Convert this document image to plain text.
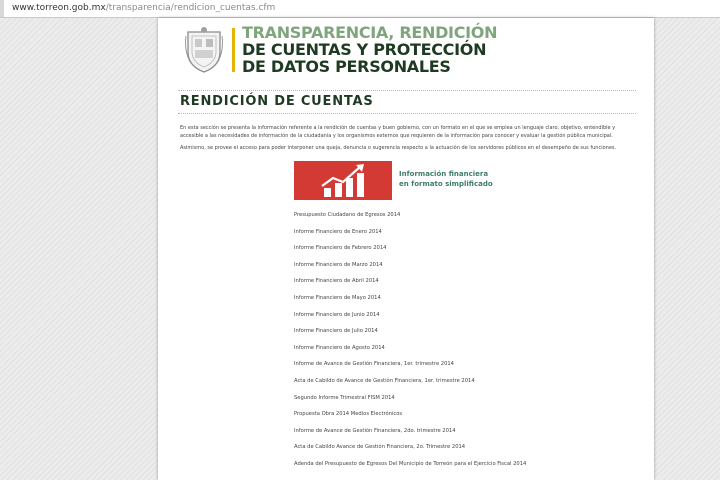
www.torreon.gob.mx/transparencia/rendicion_cuentas.cfm
TRANSPARENCIA, RENDICIÓN
DE CUENTAS Y PROTECCIÓN
DE DATOS PERSONALES
RENDICIÓN DE CUENTAS

En esta sección se presenta la información referente a la rendición de cuentas y buen gobierno, con un formato en el que se emplea un lenguaje claro, objetivo, entendible y accesible a las necesidades de información de la ciudadanía y los organismos externos que requieren de la información para conocer y evaluar la gestión pública municipal.

Asimismo, se provee el acceso para poder interponer una queja, denuncia o sugerencia respecto a la actuación de los servidores públicos en el desempeño de sus funciones.

Información financiera
en formato simplificado
Presupuesto Ciudadano de Egresos 2014
Informe Financiero de Enero 2014
Informe Financiero de Febrero 2014
Informe Financiero de Marzo 2014
Informe Financiero de Abril 2014
Informe Financiero de Mayo 2014
Informe Financiero de Junio 2014
Informe Financiero de Julio 2014
Informe Financiero de Agosto 2014
Informe de Avance de Gestión Financiera, 1er. trimestre 2014
Acta de Cabildo de Avance de Gestión Financiera, 1er. trimestre 2014
Segundo Informe Trimestral FISM 2014
Propuesta Obra 2014 Medios Electrónicos
Informe de Avance de Gestión Financiera, 2do. trimestre 2014
Acta de Cabildo Avance de Gestión Financiera, 2o. Trimestre 2014
Adenda del Presupuesto de Egresos Del Municipio de Torreón para el Ejercicio Fiscal 2014
